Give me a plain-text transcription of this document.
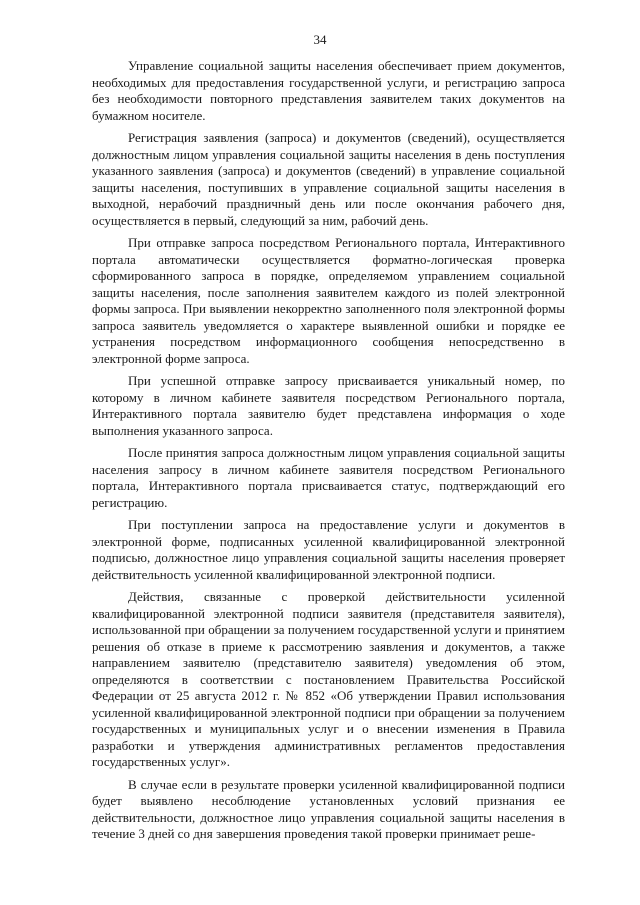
34

Управление социальной защиты населения обеспечивает прием документов, необходимых для предоставления государственной услуги, и регистрацию запроса без необходимости повторного представления заявителем таких документов на бумажном носителе.

Регистрация заявления (запроса) и документов (сведений), осуществляется должностным лицом управления социальной защиты населения в день поступления указанного заявления (запроса) и документов (сведений) в управление социальной защиты населения, поступивших в управление социальной защиты населения в выходной, нерабочий праздничный день или после окончания рабочего дня, осуществляется в первый, следующий за ним, рабочий день.

При отправке запроса посредством Регионального портала, Интерактивного портала автоматически осуществляется форматно-логическая проверка сформированного запроса в порядке, определяемом управлением социальной защиты населения, после заполнения заявителем каждого из полей электронной формы запроса. При выявлении некорректно заполненного поля электронной формы запроса заявитель уведомляется о характере выявленной ошибки и порядке ее устранения посредством информационного сообщения непосредственно в электронной форме запроса.

При успешной отправке запросу присваивается уникальный номер, по которому в личном кабинете заявителя посредством Регионального портала, Интерактивного портала заявителю будет представлена информация о ходе выполнения указанного запроса.

После принятия запроса должностным лицом управления социальной защиты населения запросу в личном кабинете заявителя посредством Регионального портала, Интерактивного портала присваивается статус, подтверждающий его регистрацию.

При поступлении запроса на предоставление услуги и документов в электронной форме, подписанных усиленной квалифицированной электронной подписью, должностное лицо управления социальной защиты населения проверяет действительность усиленной квалифицированной электронной подписи.

Действия, связанные с проверкой действительности усиленной квалифицированной электронной подписи заявителя (представителя заявителя), использованной при обращении за получением государственной услуги и принятием решения об отказе в приеме к рассмотрению заявления и документов, а также направлением заявителю (представителю заявителя) уведомления об этом, определяются в соответствии с постановлением Правительства Российской Федерации от 25 августа 2012 г. № 852 «Об утверждении Правил использования усиленной квалифицированной электронной подписи при обращении за получением государственных и муниципальных услуг и о внесении изменения в Правила разработки и утверждения административных регламентов предоставления государственных услуг».

В случае если в результате проверки усиленной квалифицированной подписи будет выявлено несоблюдение установленных условий признания ее действительности, должностное лицо управления социальной защиты населения в течение 3 дней со дня завершения проведения такой проверки принимает реше-
